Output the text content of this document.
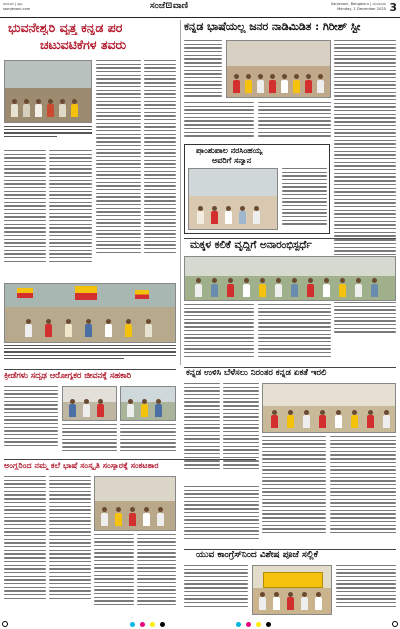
ಕರ್ನಾಟಕ | ಪುಟ
samjevani.com	ಸಂಜೆ⊡ವಾಣಿ	Sanjevani, Bengaluru | ಬೆಂಗಳೂರು
Monday, 1 December 2025 3
ಭುವನೇಶ್ವರಿ ವೃತ್ತ ಕನ್ನಡ ಪರ
ಚಟುವಟಿಕೆಗಳ ತವರು
ಕನ್ನಡ ಭಾಷೆಯಲ್ಲ ಜನರ ನಾಡಿಮಿಡಿತ : ಗಿರೀಶ್ ಸ್ಟೀ
ಪ್ರಾಂಶುಪಾಲ ನರಸಿಂಹಯ್ಯ
ಅವರಿಗೆ ಸನ್ಮಾನ
ಮಕ್ಕಳ ಕಲಿಕೆ ವೃದ್ಧಿಗೆ ಅನಾರಂಭಿಸ್ಪರ್ಧೆ
ಕನ್ನಡ ಉಳಿಸಿ ಬೆಳೆಸಲು ನಿರಂತರ ಕನ್ನಡ ಏಕತೆ ಇರಲಿ
ಕ್ರೀಡೆಗಳು ಸದೃಢ ಆರೋಗ್ಯಕರ ಜೀವನಕ್ಕೆ ಸಹಕಾರಿ
ಅಂಗ್ಲರಿಂದ ನಮ್ಮ ಕಲೆ ಭಾಷೆ ಸಂಸ್ಕೃತಿ ಸಂಸ್ಕಾರಕ್ಕೆ ಸಂಕಟಕಾರ
ಯುವ ಕಾಂಗ್ರೆಸ್‌ನಿಂದ ವಿಶೇಷ ಪೂಜೆ ಸಲ್ಲಿಕೆ
